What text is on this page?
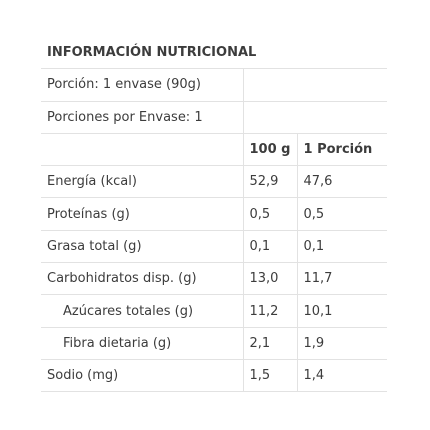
INFORMACIÓN NUTRICIONAL		
Porción: 1 envase (90g)		
Porciones por Envase: 1		
	100 g	1 Porción
Energía (kcal)	52,9	47,6
Proteínas (g)	0,5	0,5
Grasa total (g)	0,1	0,1
Carbohidratos disp. (g)	13,0	11,7
Azúcares totales (g)	11,2	10,1
Fibra dietaria (g)	2,1	1,9
Sodio (mg)	1,5	1,4
